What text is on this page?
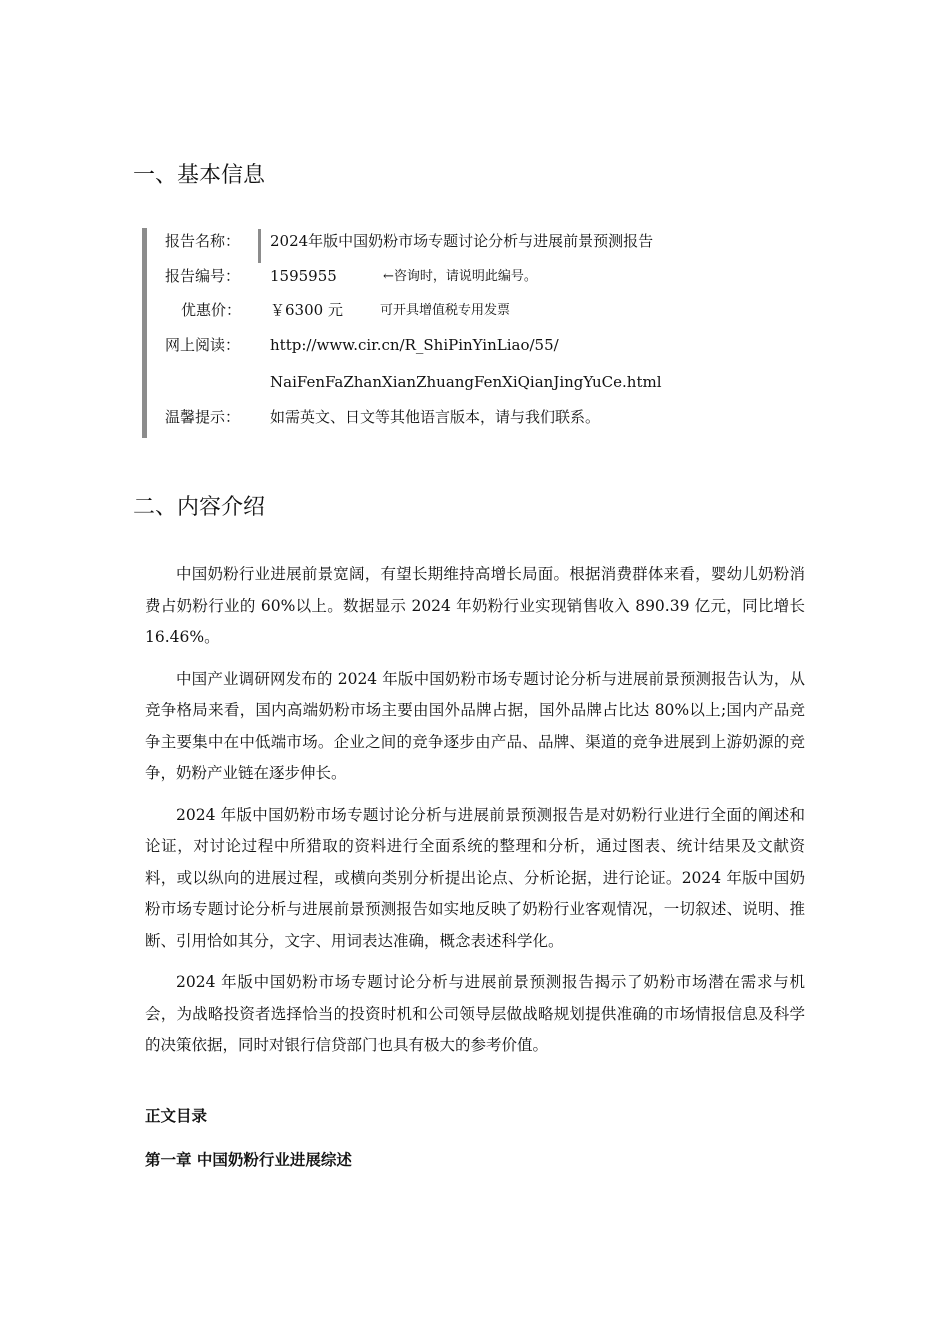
一、基本信息
报告名称：	2024年版中国奶粉市场专题讨论分析与进展前景预测报告
报告编号：	1595955	←咨询时，请说明此编号。
优惠价：	￥6300 元	可开具增值税专用发票
网上阅读：	http://www.cir.cn/R_ShiPinYinLiao/55/
NaiFenFaZhanXianZhuangFenXiQianJingYuCe.html
温馨提示：	如需英文、日文等其他语言版本，请与我们联系。
二、内容介绍

中国奶粉行业进展前景宽阔，有望长期维持高增长局面。根据消费群体来看，婴幼儿奶粉消费占奶粉行业的 60%以上。数据显示 2024 年奶粉行业实现销售收入 890.39 亿元，同比增长 16.46%。

中国产业调研网发布的 2024 年版中国奶粉市场专题讨论分析与进展前景预测报告认为，从竞争格局来看，国内高端奶粉市场主要由国外品牌占据，国外品牌占比达 80%以上;国内产品竞争主要集中在中低端市场。企业之间的竞争逐步由产品、品牌、渠道的竞争进展到上游奶源的竞争，奶粉产业链在逐步伸长。

2024 年版中国奶粉市场专题讨论分析与进展前景预测报告是对奶粉行业进行全面的阐述和论证，对讨论过程中所猎取的资料进行全面系统的整理和分析，通过图表、统计结果及文献资料，或以纵向的进展过程，或横向类别分析提出论点、分析论据，进行论证。2024 年版中国奶粉市场专题讨论分析与进展前景预测报告如实地反映了奶粉行业客观情况，一切叙述、说明、推断、引用恰如其分，文字、用词表达准确，概念表述科学化。

2024 年版中国奶粉市场专题讨论分析与进展前景预测报告揭示了奶粉市场潜在需求与机会，为战略投资者选择恰当的投资时机和公司领导层做战略规划提供准确的市场情报信息及科学的决策依据，同时对银行信贷部门也具有极大的参考价值。

正文目录
第一章 中国奶粉行业进展综述
